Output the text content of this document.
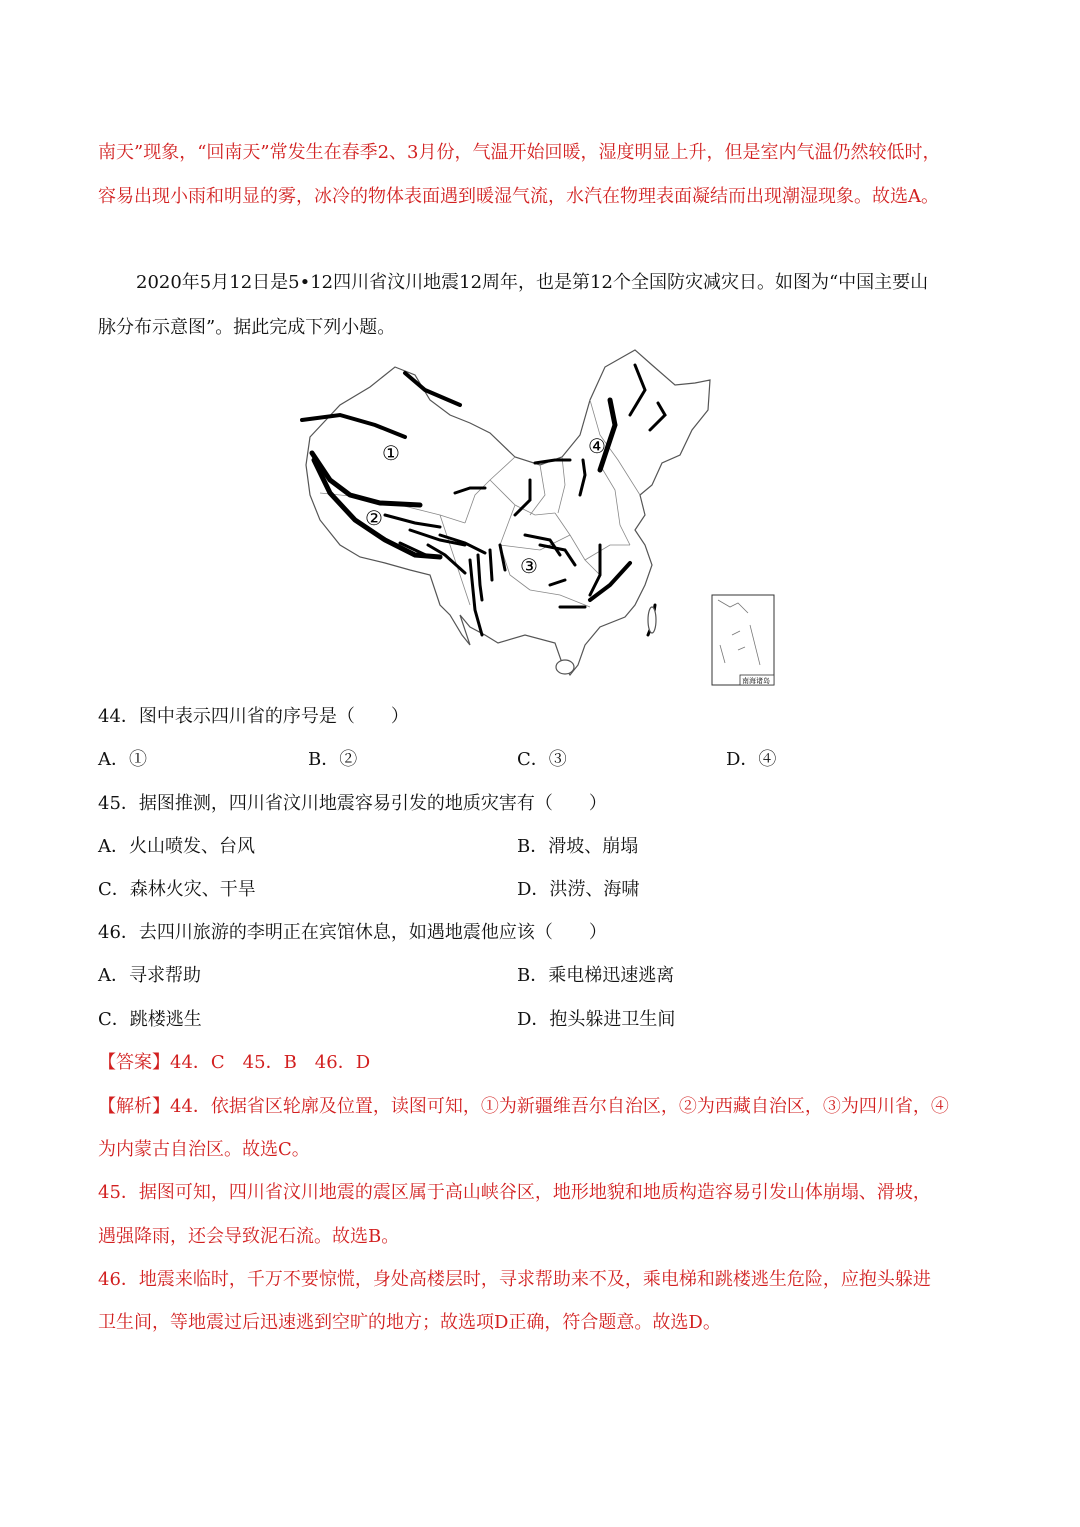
南天”现象，“回南天”常发生在春季2、3月份，气温开始回暖，湿度明显上升，但是室内气温仍然较低时，
容易出现小雨和明显的雾，冰冷的物体表面遇到暖湿气流，水汽在物理表面凝结而出现潮湿现象。故选A。
2020年5月12日是5•12四川省汶川地震12周年，也是第12个全国防灾减灾日。如图为“中国主要山
脉分布示意图”。据此完成下列小题。
①
②
③
④
南海诸岛
44．图中表示四川省的序号是（　　）
A．①	B．②	C．③	D．④
45．据图推测，四川省汶川地震容易引发的地质灾害有（　　）
A．火山喷发、台风	B．滑坡、崩塌
C．森林火灾、干旱	D．洪涝、海啸
46．去四川旅游的李明正在宾馆休息，如遇地震他应该（　　）
A．寻求帮助	B．乘电梯迅速逃离
C．跳楼逃生	D．抱头躲进卫生间
【答案】44．C　45．B　46．D
【解析】44．依据省区轮廓及位置，读图可知，①为新疆维吾尔自治区，②为西藏自治区，③为四川省，④
为内蒙古自治区。故选C。
45．据图可知，四川省汶川地震的震区属于高山峡谷区，地形地貌和地质构造容易引发山体崩塌、滑坡，
遇强降雨，还会导致泥石流。故选B。
46．地震来临时，千万不要惊慌，身处高楼层时，寻求帮助来不及，乘电梯和跳楼逃生危险，应抱头躲进
卫生间，等地震过后迅速逃到空旷的地方；故选项D正确，符合题意。故选D。
